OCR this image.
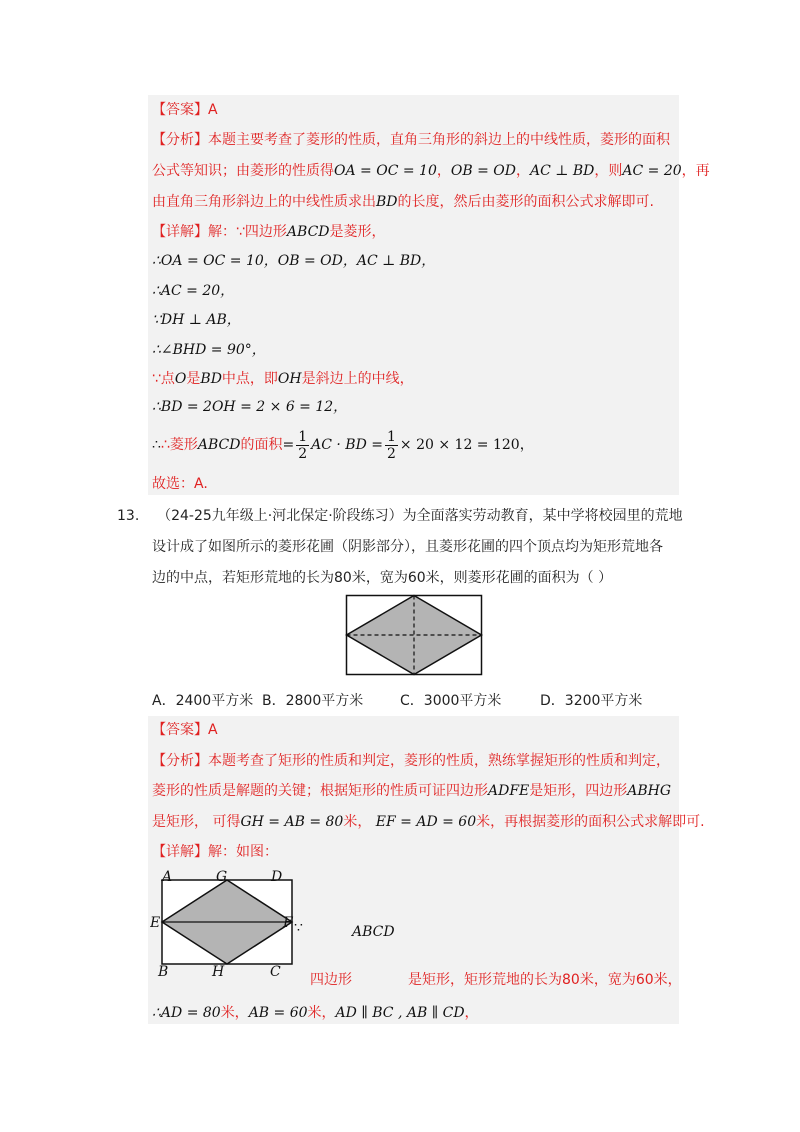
【答案】A
【分析】本题主要考查了菱形的性质，直角三角形的斜边上的中线性质，菱形的面积
公式等知识；由菱形的性质得OA = OC = 10，OB = OD，AC ⊥ BD，则AC = 20，再
由直角三角形斜边上的中线性质求出BD的长度，然后由菱形的面积公式求解即可.
【详解】解：∵四边形ABCD是菱形，
∴OA = OC = 10，OB = OD，AC ⊥ BD，
∴AC = 20，
∵DH ⊥ AB，
∴∠BHD = 90°，
∵点O是BD中点，即OH是斜边上的中线，
∴BD = 2OH = 2 × 6 = 12，
∴∴菱形ABCD的面积= $\frac{1}{2}$ AC · BD = $\frac{1}{2} \times 20 \times 12 = 120$，
故选：A.
13. （24-25九年级上·河北保定·阶段练习）为全面落实劳动教育，某中学将校园里的荒地
设计成了如图所示的菱形花圃（阴影部分），且菱形花圃的四个顶点均为矩形荒地各
边的中点，若矩形荒地的长为80米，宽为60米，则菱形花圃的面积为（ ）
A．2400平方米 B．2800平方米	C．3000平方米	D．3200平方米
【答案】A
【分析】本题考查了矩形的性质和判定，菱形的性质，熟练掌握矩形的性质和判定，
菱形的性质是解题的关键；根据矩形的性质可证四边形ADFE是矩形，四边形ABHG
是矩形， 可得GH = AB = 80米， EF = AD = 60米，再根据菱形的面积公式求解即可.
【详解】解：如图：
A	G	D
E	F
B	H	C
∵	ABCD
四边形	是矩形，矩形荒地的长为80米，宽为60米，
∴AD = 80米，AB = 60米，AD ∥ BC , AB ∥ CD，
